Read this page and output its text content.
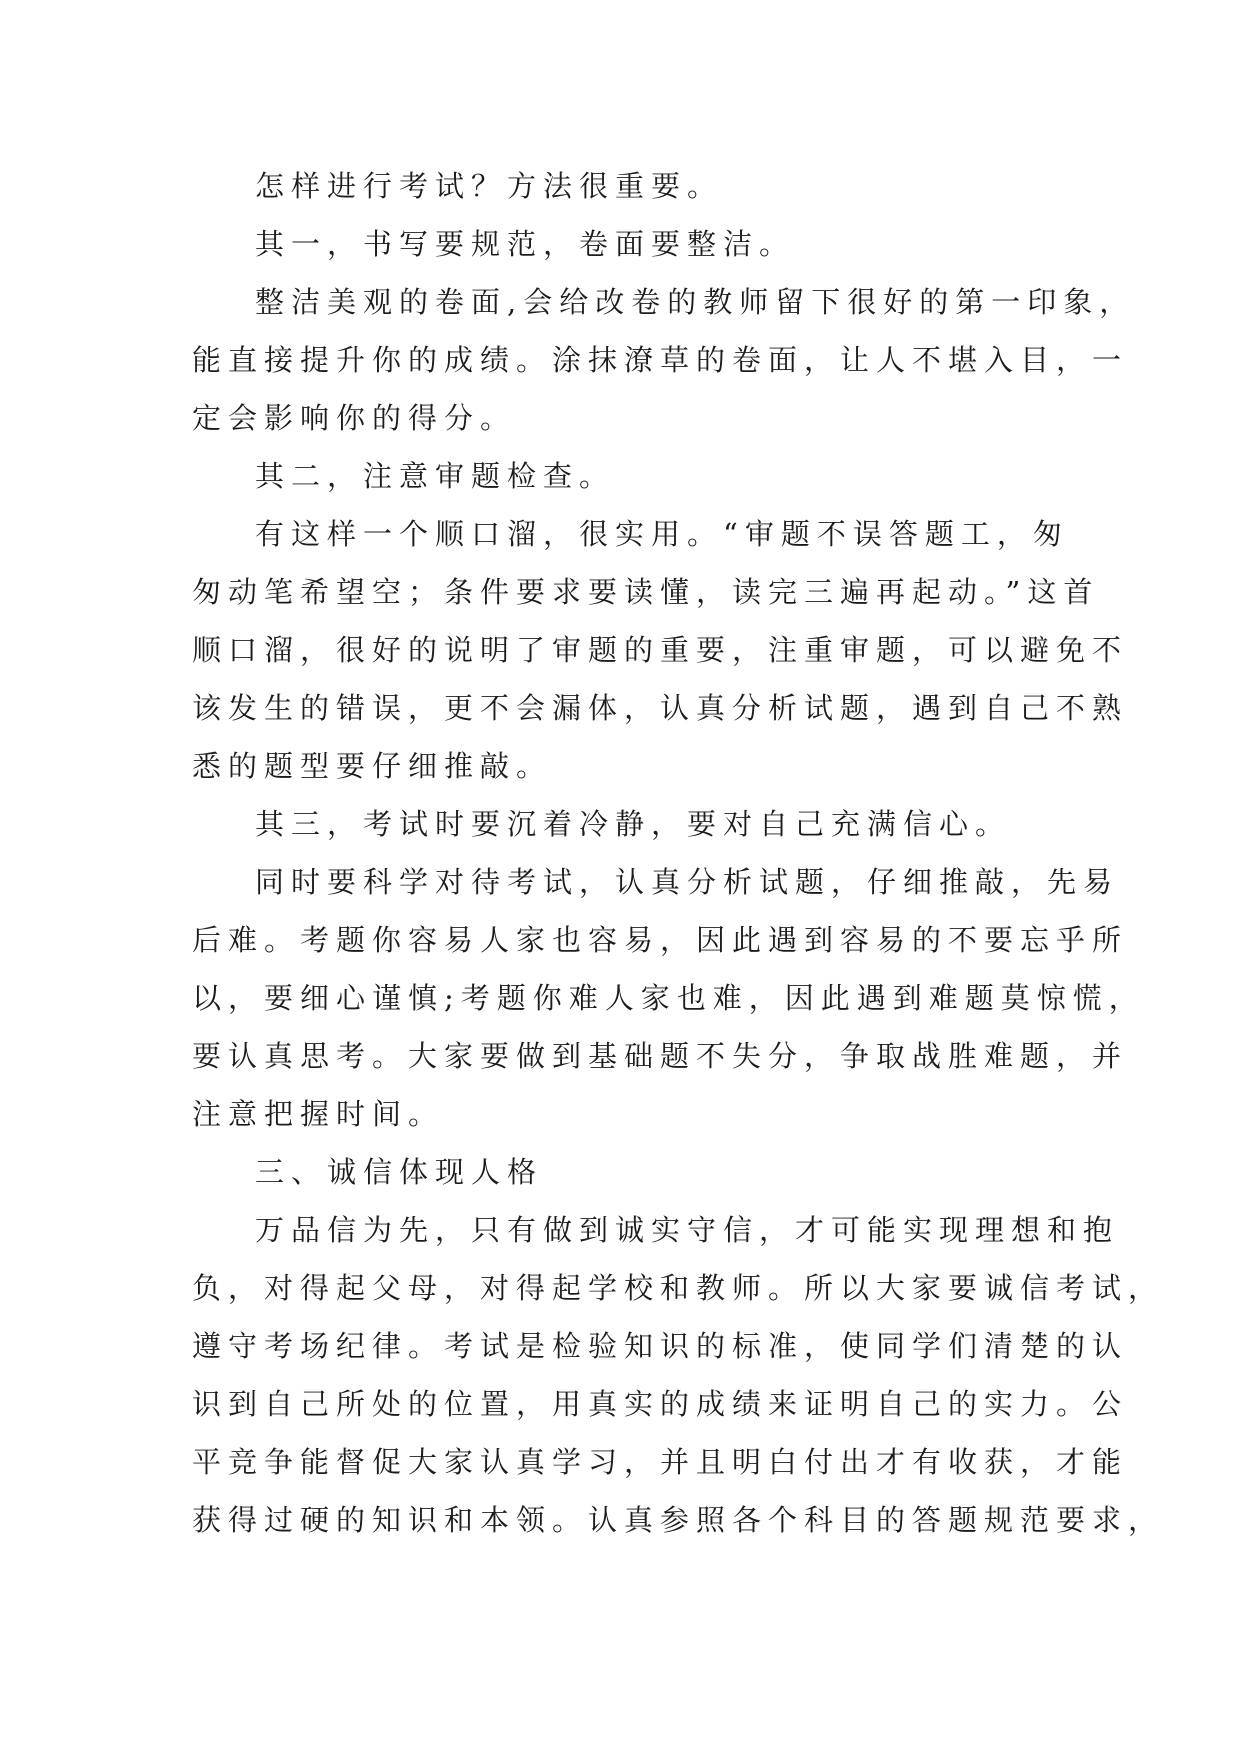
怎样进行考试？方法很重要。
其一，书写要规范，卷面要整洁。
整洁美观的卷面,会给改卷的教师留下很好的第一印象，
能直接提升你的成绩。涂抹潦草的卷面，让人不堪入目，一
定会影响你的得分。
其二，注意审题检查。
有这样一个顺口溜，很实用。“审题不误答题工，匆
匆动笔希望空；条件要求要读懂，读完三遍再起动。”这首
顺口溜，很好的说明了审题的重要，注重审题，可以避免不
该发生的错误，更不会漏体，认真分析试题，遇到自己不熟
悉的题型要仔细推敲。
其三，考试时要沉着冷静，要对自己充满信心。
同时要科学对待考试，认真分析试题，仔细推敲，先易
后难。考题你容易人家也容易，因此遇到容易的不要忘乎所
以，要细心谨慎;考题你难人家也难，因此遇到难题莫惊慌，
要认真思考。大家要做到基础题不失分，争取战胜难题，并
注意把握时间。
三、诚信体现人格
万品信为先，只有做到诚实守信，才可能实现理想和抱
负，对得起父母，对得起学校和教师。所以大家要诚信考试，
遵守考场纪律。考试是检验知识的标准，使同学们清楚的认
识到自己所处的位置，用真实的成绩来证明自己的实力。公
平竞争能督促大家认真学习，并且明白付出才有收获，才能
获得过硬的知识和本领。认真参照各个科目的答题规范要求，
